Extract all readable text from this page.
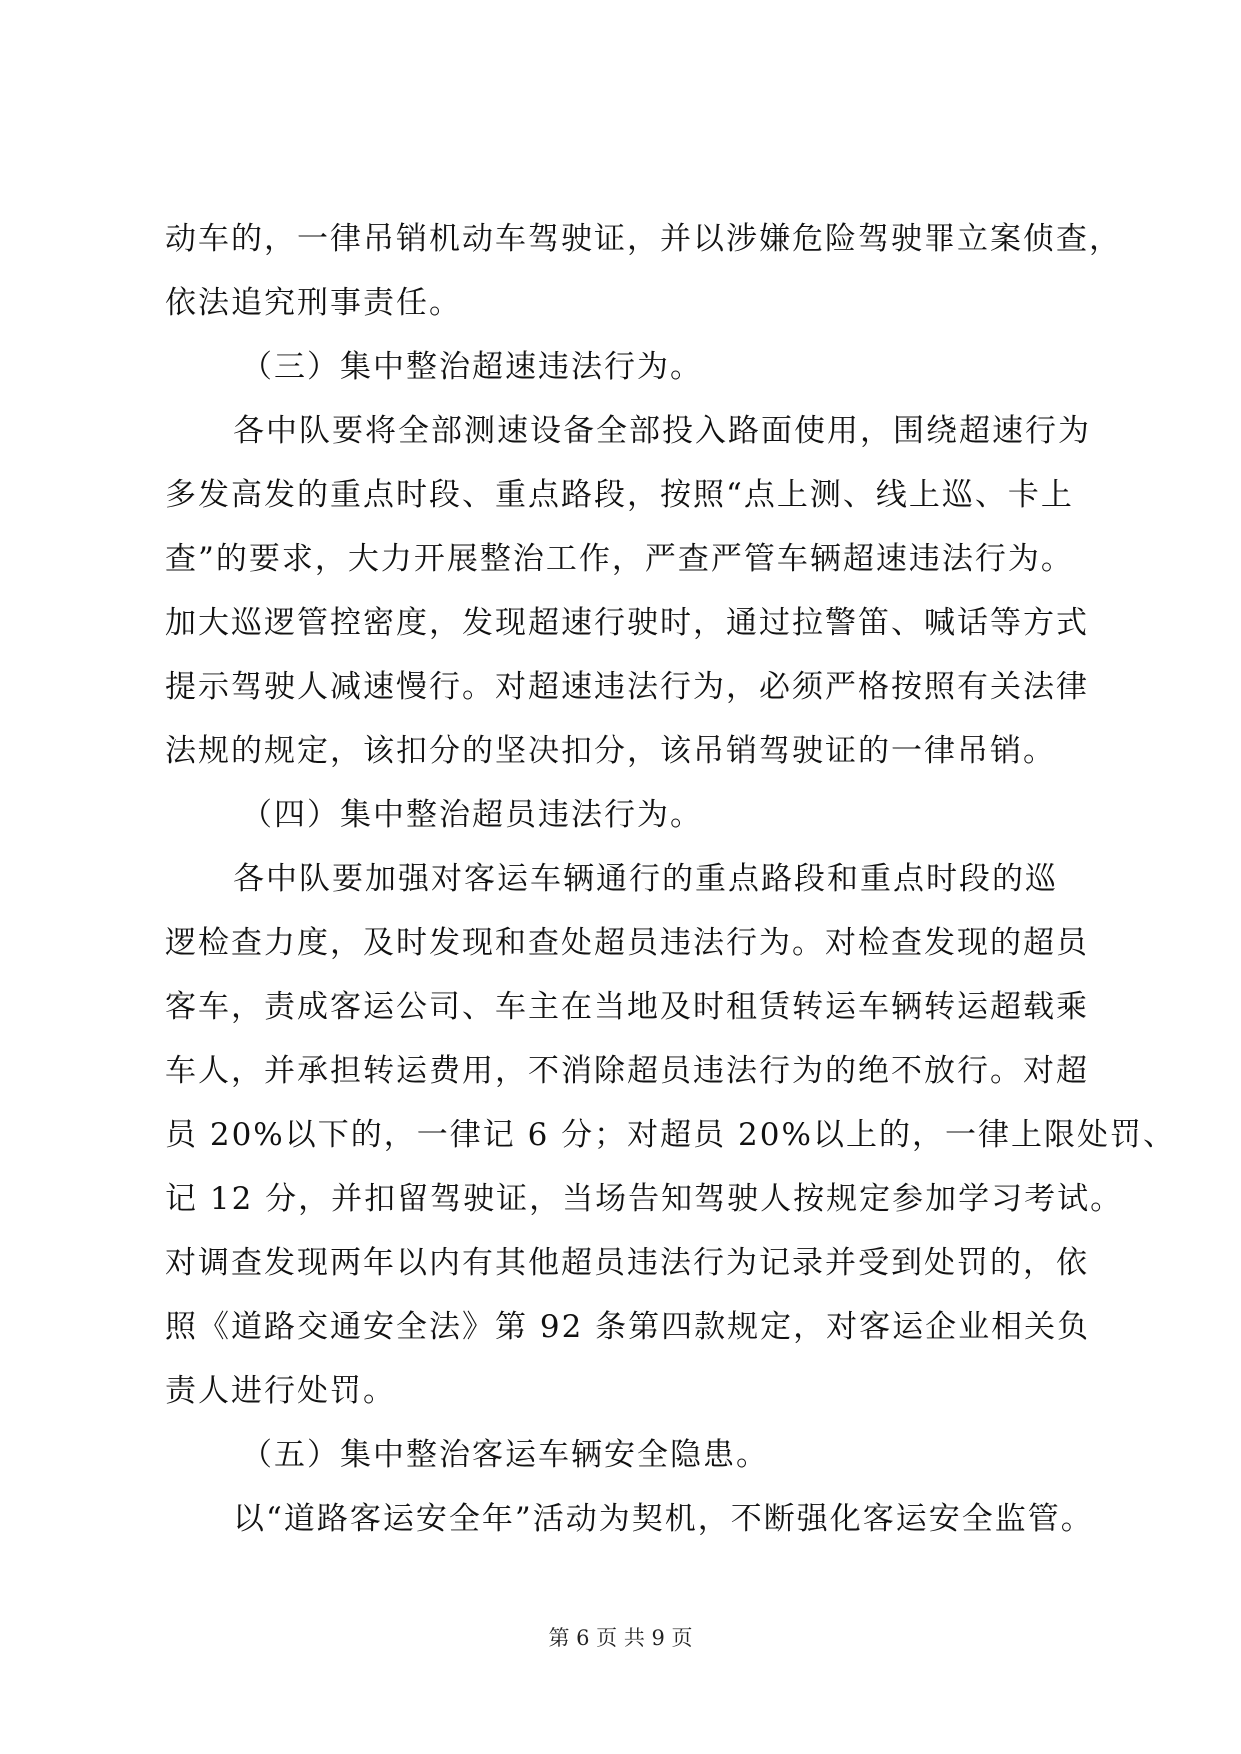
动车的，一律吊销机动车驾驶证，并以涉嫌危险驾驶罪立案侦查，
依法追究刑事责任。
（三）集中整治超速违法行为。
各中队要将全部测速设备全部投入路面使用，围绕超速行为
多发高发的重点时段、重点路段，按照“点上测、线上巡、卡上
查”的要求，大力开展整治工作，严查严管车辆超速违法行为。
加大巡逻管控密度，发现超速行驶时，通过拉警笛、喊话等方式
提示驾驶人减速慢行。对超速违法行为，必须严格按照有关法律
法规的规定，该扣分的坚决扣分，该吊销驾驶证的一律吊销。
（四）集中整治超员违法行为。
各中队要加强对客运车辆通行的重点路段和重点时段的巡
逻检查力度，及时发现和查处超员违法行为。对检查发现的超员
客车，责成客运公司、车主在当地及时租赁转运车辆转运超载乘
车人，并承担转运费用，不消除超员违法行为的绝不放行。对超
员 20%以下的，一律记 6 分；对超员 20%以上的，一律上限处罚、
记 12 分，并扣留驾驶证，当场告知驾驶人按规定参加学习考试。
对调查发现两年以内有其他超员违法行为记录并受到处罚的，依
照《道路交通安全法》第 92 条第四款规定，对客运企业相关负
责人进行处罚。
（五）集中整治客运车辆安全隐患。
以“道路客运安全年”活动为契机，不断强化客运安全监管。
第 6 页 共 9 页
